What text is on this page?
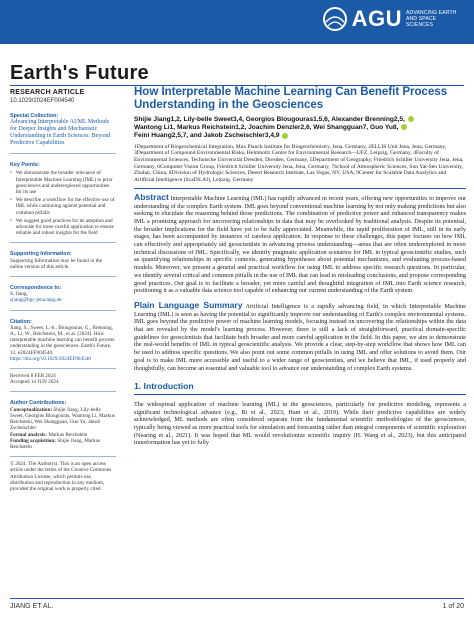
AGU ADVANCING EARTH AND SPACE SCIENCES
Earth's Future
RESEARCH ARTICLE
10.1029/2024EF004540
Special Collection:
Advancing Interpretable AI/ML Methods for Deeper Insights and Mechanistic Understanding in Earth Sciences: Beyond Predictive Capabilities
Key Points:
• We demonstrate the broader relevance of Interpretable Machine Learning (IML) to prior geosciences and underexplored opportunities for its use
• We describe a workflow for the effective use of IML while cautioning against potential and common pitfalls
• We suggest good practices for its adoption and advocate for more careful application to ensure reliable and robust insights for the field
Supporting Information:
Supporting Information may be found in the online version of this article.
Correspondence to:
S. Jiang,
sjiang@bgc-jena.mpg.de
Citation:
Jiang, S., Sweet, L.-b., Blougouras, G., Brenning, A., Li, W., Reichstein, M., et al. (2024). How interpretable machine learning can benefit process understanding in the geosciences. Earth's Future, 12, e2024EF004540.
https://doi.org/10.1029/2024EF004540
Received 8 FEB 2024
Accepted 14 JUN 2024
Author Contributions:
Conceptualization: Shijie Jiang, Lily-belle Sweet, Georgios Blougouras, Wantong Li, Markus Reichstein, Wei Shangguan, Guo Yu, Jakob Zscheischler
Formal analysis: Markus Reichstein
Funding acquisition: Shijie Jiang, Markus Reichstein
© 2024. The Author(s). This is an open access article under the terms of the Creative Commons Attribution License, which permits use, distribution and reproduction in any medium, provided the original work is properly cited.
How Interpretable Machine Learning Can Benefit Process Understanding in the Geosciences
Shijie Jiang1,2, Lily-belle Sweet3,4, Georgios Blougouras1,5,6, Alexander Brenning2,5,
Wantong Li1, Markus Reichstein1,2, Joachim Denzler2,6, Wei Shangguan7, Guo Yu8,
Feini Huang2,5,7, and Jakob Zscheischler3,4,9
1Department of Biogeochemical Integration, Max Planck Institute for Biogeochemistry, Jena, Germany, 2ELLIS Unit Jena, Jena, Germany, 3Department of Compound Environmental Risks, Helmholtz Centre for Environmental Research—UFZ, Leipzig, Germany, 4Faculty of Environmental Sciences, Technische Universität Dresden, Dresden, Germany, 5Department of Geography, Friedrich Schiller University Jena, Jena, Germany, 6Computer Vision Group, Friedrich Schiller University Jena, Jena, Germany, 7School of Atmospheric Sciences, Sun Yat-Sen University, Zhuhai, China, 8Division of Hydrologic Sciences, Desert Research Institute, Las Vegas, NV, USA, 9Center for Scalable Data Analytics and Artificial Intelligence (ScaDS.AI), Leipzig, Germany
Abstract Interpretable Machine Learning (IML) has rapidly advanced in recent years, offering new opportunities to improve our understanding of the complex Earth system. IML goes beyond conventional machine learning by not only making predictions but also seeking to elucidate the reasoning behind those predictions. The combination of predictive power and enhanced transparency makes IML a promising approach for uncovering relationships in data that may be overlooked by traditional analysis. Despite its potential, the broader implications for the field have yet to be fully appreciated. Meanwhile, the rapid proliferation of IML, still in its early stages, has been accompanied by instances of careless application. In response to these challenges, this paper focuses on how IML can effectively and appropriately aid geoscientists in advancing process understanding—areas that are often underexplored in more technical discussions of IML. Specifically, we identify pragmatic application scenarios for IML in typical geoscientific studies, such as quantifying relationships in specific contexts, generating hypotheses about potential mechanisms, and evaluating process-based models. Moreover, we present a general and practical workflow for using IML to address specific research questions. In particular, we identify several critical and common pitfalls in the use of IML that can lead to misleading conclusions, and propose corresponding good practices. Our goal is to facilitate a broader, yet more careful and thoughtful integration of IML into Earth science research, positioning it as a valuable data science tool capable of enhancing our current understanding of the Earth system.
Plain Language Summary Artificial Intelligence is a rapidly advancing field, in which Interpretable Machine Learning (IML) is seen as having the potential to significantly improve our understanding of Earth's complex environmental systems. IML goes beyond the predictive power of machine learning models, focusing instead on uncovering the relationships within the data that are revealed by the model's learning process. However, there is still a lack of straightforward, practical domain-specific guidelines for geoscientists that facilitate both broader and more careful application in the field. In this paper, we aim to demonstrate the real-world benefits of IML in typical geoscientific analysis. We provide a clear, step-by-step workflow that shows how IML can be used to address specific questions. We also point out some common pitfalls in using IML and offer solutions to avoid them. Our goal is to make IML more accessible and useful to a wider range of geoscientists, and we believe that IML, if used properly and thoughtfully, can become an essential and valuable tool to advance our understanding of complex Earth systems.
1. Introduction
The widespread application of machine learning (ML) in the geosciences, particularly for predictive modeling, represents a significant technological advance (e.g., Bi et al., 2023; Ham et al., 2019). While their predictive capabilities are widely acknowledged, ML methods are often considered separate from the fundamental scientific methodologies of the geosciences, typically being viewed as more practical tools for simulation and forecasting rather than integral components of scientific exploration (Nearing et al., 2021). It was hoped that ML would revolutionize scientific inquiry (H. Wang et al., 2023), but this anticipated transformation has yet to fully
JIANG ET AL.	1 of 20
